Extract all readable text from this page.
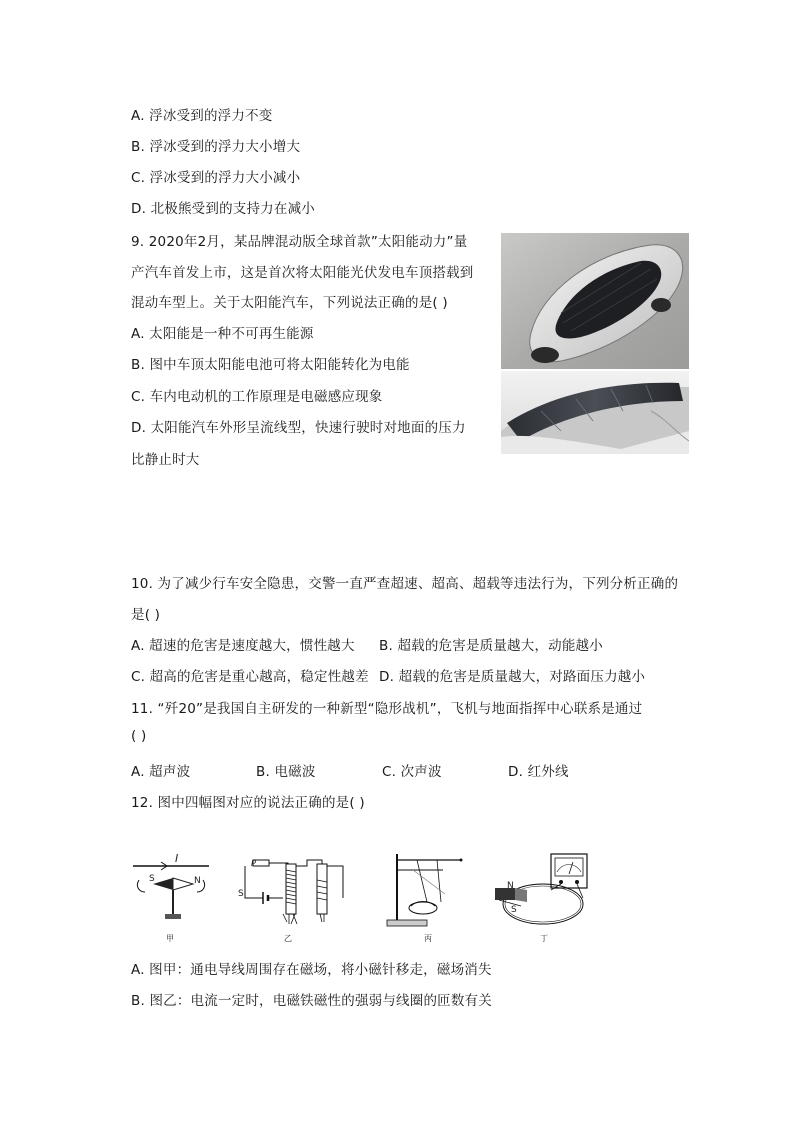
A. 浮冰受到的浮力不变
B. 浮冰受到的浮力大小增大
C. 浮冰受到的浮力大小减小
D. 北极熊受到的支持力在减小
9. 2020年2月，某品牌混动版全球首款”太阳能动力”量
产汽车首发上市，这是首次将太阳能光伏发电车顶搭载到
混动车型上。关于太阳能汽车，下列说法正确的是( )
A. 太阳能是一种不可再生能源
B. 图中车顶太阳能电池可将太阳能转化为电能
C. 车内电动机的工作原理是电磁感应现象
D. 太阳能汽车外形呈流线型，快速行驶时对地面的压力
比静止时大
10. 为了减少行车安全隐患，交警一直严查超速、超高、超载等违法行为，下列分析正确的
是( )
A. 超速的危害是速度越大，惯性越大 B. 超载的危害是质量越大，动能越小
C. 超高的危害是重心越高，稳定性越差 D. 超载的危害是质量越大，对路面压力越小
11. “歼20”是我国自主研发的一种新型“隐形战机”，飞机与地面指挥中心联系是通过
( )
A. 超声波	B. 电磁波	C. 次声波	D. 红外线
12. 图中四幅图对应的说法正确的是( )
I
S	N
甲
P
S
乙	丙
N
S
丁
A. 图甲：通电导线周围存在磁场，将小磁针移走，磁场消失
B. 图乙：电流一定时，电磁铁磁性的强弱与线圈的匝数有关
